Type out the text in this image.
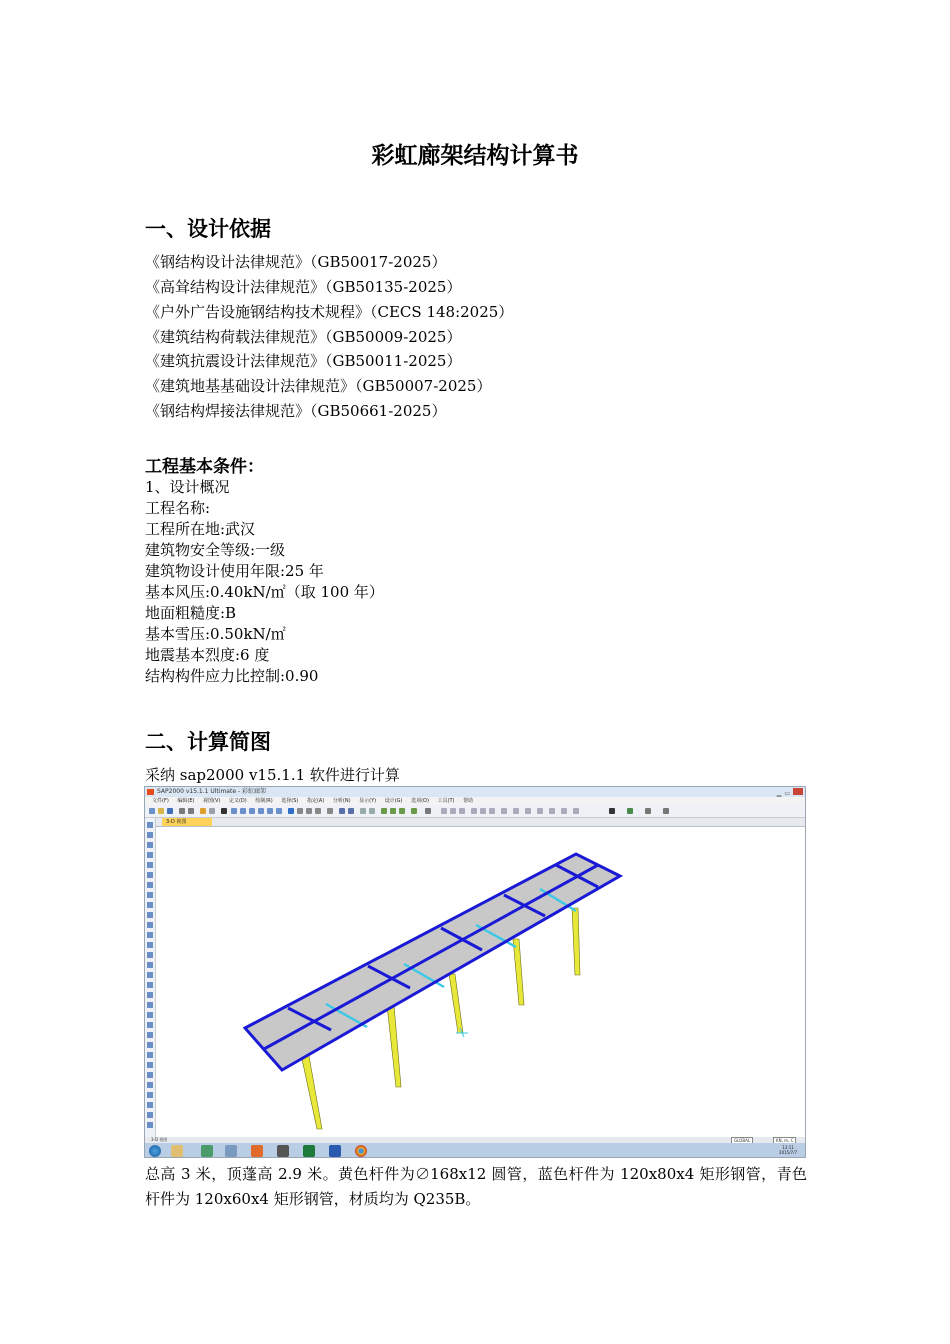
彩虹廊架结构计算书
一、设计依据
《钢结构设计法律规范》（GB50017-2025）
《高耸结构设计法律规范》（GB50135-2025）
《户外广告设施钢结构技术规程》（CECS 148:2025）
《建筑结构荷载法律规范》（GB50009-2025）
《建筑抗震设计法律规范》（GB50011-2025）
《建筑地基基础设计法律规范》（GB50007-2025）
《钢结构焊接法律规范》（GB50661-2025）
工程基本条件：
1、设计概况
工程名称:
工程所在地:武汉
建筑物安全等级:一级
建筑物设计使用年限:25 年
基本风压:0.40kN/㎡（取 100 年）
地面粗糙度:B
基本雪压:0.50kN/㎡
地震基本烈度:6 度
结构构件应力比控制:0.90
二、计算简图
采纳 sap2000 v15.1.1 软件进行计算
SAP2000 v15.1.1 Ultimate - 彩虹廊架	▁▭
文件(F) 编辑(E) 视图(V) 定义(D) 绘制(R) 选择(S) 指定(A) 分析(N) 显示(Y) 设计(G) 选项(O) 工具(T) 帮助
3-D 视图
3-D 视图	GLOBAL	KN, m, C
13:11
2015/7/7
总高 3 米，顶蓬高 2.9 米。黄色杆件为∅168x12 圆管，蓝色杆件为 120x80x4 矩形钢管，青色杆件为 120x60x4 矩形钢管，材质均为 Q235B。
